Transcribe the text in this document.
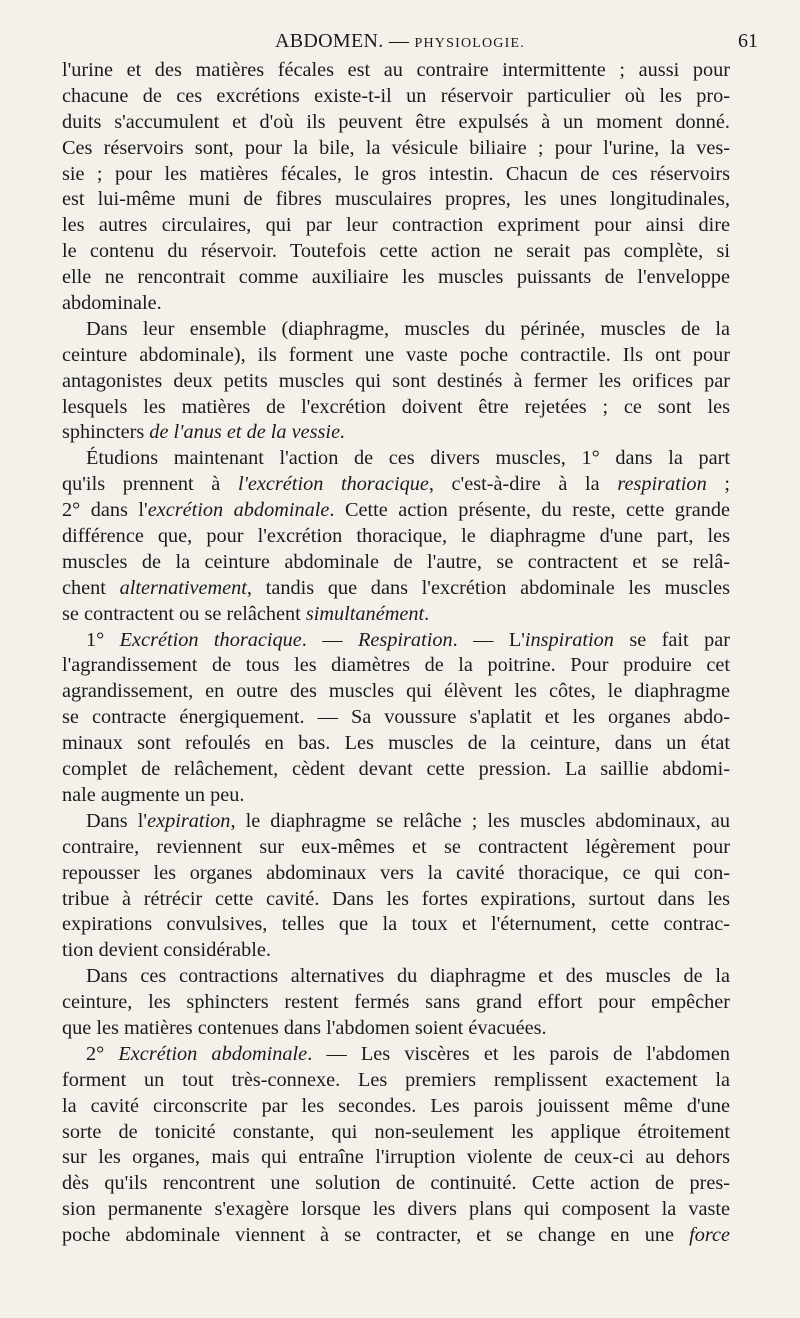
ABDOMEN. — PHYSIOLOGIE.	61
l'urine et des matières fécales est au contraire intermittente ; aussi pour
chacune de ces excrétions existe-t-il un réservoir particulier où les pro-
duits s'accumulent et d'où ils peuvent être expulsés à un moment donné.
Ces réservoirs sont, pour la bile, la vésicule biliaire ; pour l'urine, la ves-
sie ; pour les matières fécales, le gros intestin. Chacun de ces réservoirs
est lui-même muni de fibres musculaires propres, les unes longitudinales,
les autres circulaires, qui par leur contraction expriment pour ainsi dire
le contenu du réservoir. Toutefois cette action ne serait pas complète, si
elle ne rencontrait comme auxiliaire les muscles puissants de l'enveloppe
abdominale.
Dans leur ensemble (diaphragme, muscles du périnée, muscles de la
ceinture abdominale), ils forment une vaste poche contractile. Ils ont pour
antagonistes deux petits muscles qui sont destinés à fermer les orifices par
lesquels les matières de l'excrétion doivent être rejetées ; ce sont les
sphincters de l'anus et de la vessie.
Étudions maintenant l'action de ces divers muscles, 1° dans la part
qu'ils prennent à l'excrétion thoracique, c'est-à-dire à la respiration ;
2° dans l'excrétion abdominale. Cette action présente, du reste, cette grande
différence que, pour l'excrétion thoracique, le diaphragme d'une part, les
muscles de la ceinture abdominale de l'autre, se contractent et se relâ-
chent alternativement, tandis que dans l'excrétion abdominale les muscles
se contractent ou se relâchent simultanément.
1° Excrétion thoracique. — Respiration. — L'inspiration se fait par
l'agrandissement de tous les diamètres de la poitrine. Pour produire cet
agrandissement, en outre des muscles qui élèvent les côtes, le diaphragme
se contracte énergiquement. — Sa voussure s'aplatit et les organes abdo-
minaux sont refoulés en bas. Les muscles de la ceinture, dans un état
complet de relâchement, cèdent devant cette pression. La saillie abdomi-
nale augmente un peu.
Dans l'expiration, le diaphragme se relâche ; les muscles abdominaux, au
contraire, reviennent sur eux-mêmes et se contractent légèrement pour
repousser les organes abdominaux vers la cavité thoracique, ce qui con-
tribue à rétrécir cette cavité. Dans les fortes expirations, surtout dans les
expirations convulsives, telles que la toux et l'éternument, cette contrac-
tion devient considérable.
Dans ces contractions alternatives du diaphragme et des muscles de la
ceinture, les sphincters restent fermés sans grand effort pour empêcher
que les matières contenues dans l'abdomen soient évacuées.
2° Excrétion abdominale. — Les viscères et les parois de l'abdomen
forment un tout très-connexe. Les premiers remplissent exactement la
la cavité circonscrite par les secondes. Les parois jouissent même d'une
sorte de tonicité constante, qui non-seulement les applique étroitement
sur les organes, mais qui entraîne l'irruption violente de ceux-ci au dehors
dès qu'ils rencontrent une solution de continuité. Cette action de pres-
sion permanente s'exagère lorsque les divers plans qui composent la vaste
poche abdominale viennent à se contracter, et se change en une force
